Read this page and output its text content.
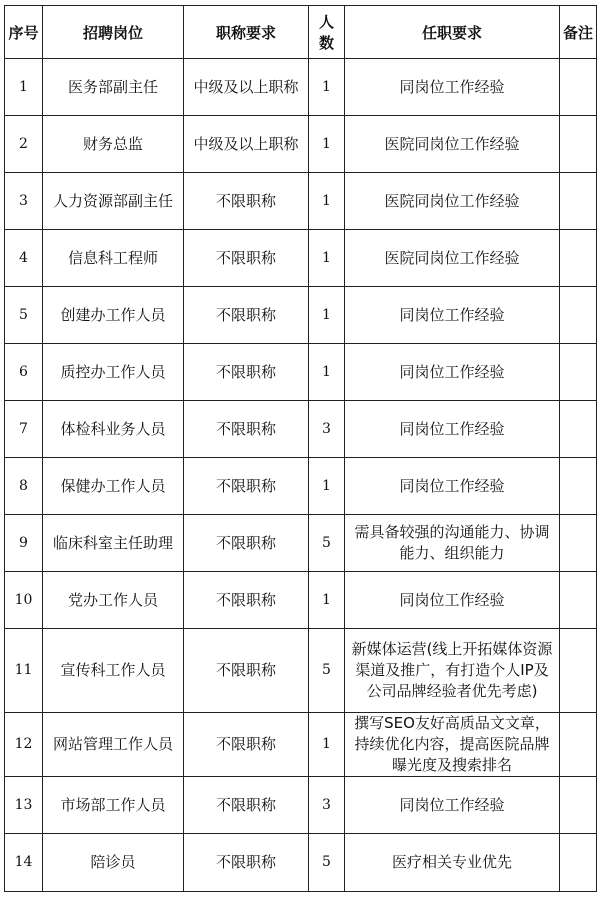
序号	招聘岗位	职称要求	人数	任职要求	备注
1	医务部副主任	中级及以上职称	1	同岗位工作经验	
2	财务总监	中级及以上职称	1	医院同岗位工作经验	
3	人力资源部副主任	不限职称	1	医院同岗位工作经验	
4	信息科工程师	不限职称	1	医院同岗位工作经验	
5	创建办工作人员	不限职称	1	同岗位工作经验	
6	质控办工作人员	不限职称	1	同岗位工作经验	
7	体检科业务人员	不限职称	3	同岗位工作经验	
8	保健办工作人员	不限职称	1	同岗位工作经验	
9	临床科室主任助理	不限职称	5	需具备较强的沟通能力、协调能力、组织能力	
10	党办工作人员	不限职称	1	同岗位工作经验	
11	宣传科工作人员	不限职称	5	新媒体运营(线上开拓媒体资源渠道及推广，有打造个人IP及公司品牌经验者优先考虑)	
12	网站管理工作人员	不限职称	1	撰写SEO友好高质品文文章，持续优化内容，提高医院品牌曝光度及搜索排名	
13	市场部工作人员	不限职称	3	同岗位工作经验	
14	陪诊员	不限职称	5	医疗相关专业优先	
